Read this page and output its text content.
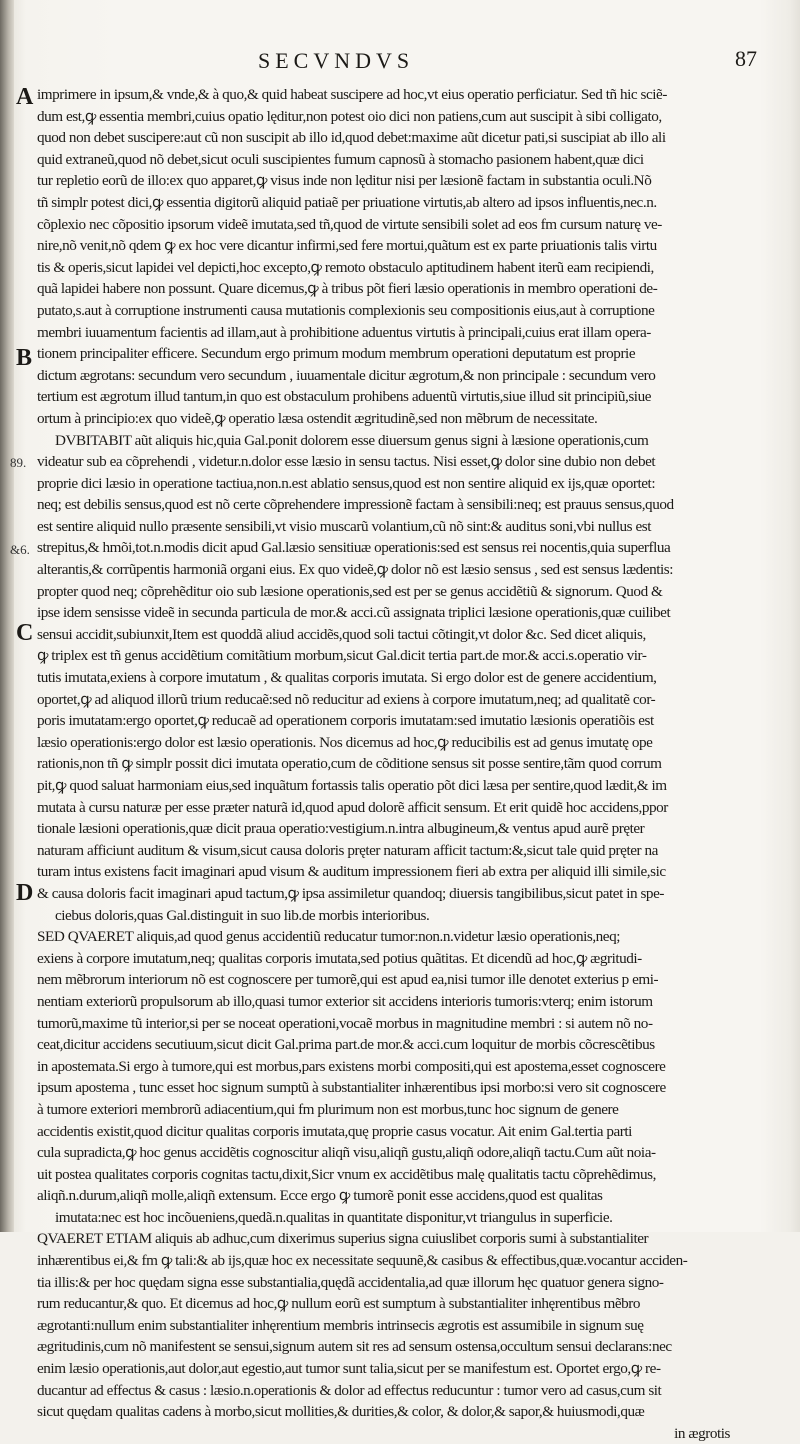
SECVNDVS	87
A
B
C
D
89.
&6.
imprimere in ipsum,& vnde,& à quo,& quid habeat suscipere ad hoc,vt eius operatio perficiatur. Sed tñ hic sciẽ-
dum est,ꝙ essentia membri,cuius opatio lęditur,non potest oio dici non patiens,cum aut suscipit à sibi colligato,
quod non debet suscipere:aut cũ non suscipit ab illo id,quod debet:maxime aũt dicetur pati,si suscipiat ab illo ali
quid extraneũ,quod nõ debet,sicut oculi suscipientes fumum capnosũ à stomacho pasionem habent,quæ dici
tur repletio eorũ de illo:ex quo apparet,ꝙ visus inde non lęditur nisi per læsionẽ factam in substantia oculi.Nõ
tñ simplr potest dici,ꝙ essentia digitorũ aliquid patiaẽ per priuatione virtutis,ab altero ad ipsos influentis,nec.n.
cõplexio nec cõpositio ipsorum videẽ imutata,sed tñ,quod de virtute sensibili solet ad eos fm cursum naturę ve-
nire,nõ venit,nõ qdem ꝙ ex hoc vere dicantur infirmi,sed fere mortui,quãtum est ex parte priuationis talis virtu
tis & operis,sicut lapidei vel depicti,hoc excepto,ꝙ remoto obstaculo aptitudinem habent iterũ eam recipiendi,
quã lapidei habere non possunt. Quare dicemus,ꝙ à tribus põt fieri læsio operationis in membro operationi de-
putato,s.aut à corruptione instrumenti causa mutationis complexionis seu compositionis eius,aut à corruptione
membri iuuamentum facientis ad illam,aut à prohibitione aduentus virtutis à principali,cuius erat illam opera-
tionem principaliter efficere. Secundum ergo primum modum membrum operationi deputatum est proprie
dictum ægrotans: secundum vero secundum , iuuamentale dicitur ægrotum,& non principale : secundum vero
tertium est ægrotum illud tantum,in quo est obstaculum prohibens aduentũ virtutis,siue illud sit principiũ,siue
ortum à principio:ex quo videẽ,ꝙ operatio læsa ostendit ægritudinẽ,sed non mẽbrum de necessitate.
DVBITABIT aũt aliquis hic,quia Gal.ponit dolorem esse diuersum genus signi à læsione operationis,cum
videatur sub ea cõprehendi , videtur.n.dolor esse læsio in sensu tactus. Nisi esset,ꝙ dolor sine dubio non debet
proprie dici læsio in operatione tactiua,non.n.est ablatio sensus,quod est non sentire aliquid ex ijs,quæ oportet:
neq; est debilis sensus,quod est nõ certe cõprehendere impressionẽ factam à sensibili:neq; est prauus sensus,quod
est sentire aliquid nullo præsente sensibili,vt visio muscarũ volantium,cũ nõ sint:& auditus soni,vbi nullus est
strepitus,& hmõi,tot.n.modis dicit apud Gal.læsio sensitiuæ operationis:sed est sensus rei nocentis,quia superflua
alterantis,& corrũpentis harmoniã organi eius. Ex quo videẽ,ꝙ dolor nõ est læsio sensus , sed est sensus lædentis:
propter quod neq; cõprehẽditur oio sub læsione operationis,sed est per se genus accidẽtiũ & signorum. Quod &
ipse idem sensisse videẽ in secunda particula de mor.& acci.cũ assignata triplici læsione operationis,quæ cuilibet
sensui accidit,subiunxit,Item est quoddã aliud accidẽs,quod soli tactui cõtingit,vt dolor &c. Sed dicet aliquis,
ꝙ triplex est tñ genus accidẽtium comitãtium morbum,sicut Gal.dicit tertia part.de mor.& acci.s.operatio vir-
tutis imutata,exiens à corpore imutatum , & qualitas corporis imutata. Si ergo dolor est de genere accidentium,
oportet,ꝙ ad aliquod illorũ trium reducaẽ:sed nõ reducitur ad exiens à corpore imutatum,neq; ad qualitatẽ cor-
poris imutatam:ergo oportet,ꝙ reducaẽ ad operationem corporis imutatam:sed imutatio læsionis operatiõis est
læsio operationis:ergo dolor est læsio operationis. Nos dicemus ad hoc,ꝙ reducibilis est ad genus imutatę ope
rationis,non tñ ꝙ simplr possit dici imutata operatio,cum de cõditione sensus sit posse sentire,tãm quod corrum
pit,ꝙ quod saluat harmoniam eius,sed inquãtum fortassis talis operatio põt dici læsa per sentire,quod lædit,& im
mutata à cursu naturæ per esse præter naturã id,quod apud dolorẽ afficit sensum. Et erit quidẽ hoc accidens,ppor
tionale læsioni operationis,quæ dicit praua operatio:vestigium.n.intra albugineum,& ventus apud aurẽ pręter
naturam afficiunt auditum & visum,sicut causa doloris pręter naturam afficit tactum:&,sicut tale quid pręter na
turam intus existens facit imaginari apud visum & auditum impressionem fieri ab extra per aliquid illi simile,sic
& causa doloris facit imaginari apud tactum,ꝙ ipsa assimiletur quandoq; diuersis tangibilibus,sicut patet in spe-
ciebus doloris,quas Gal.distinguit in suo lib.de morbis interioribus.
SED QVAERET aliquis,ad quod genus accidentiũ reducatur tumor:non.n.videtur læsio operationis,neq;
exiens à corpore imutatum,neq; qualitas corporis imutata,sed potius quãtitas. Et dicendũ ad hoc,ꝙ ægritudi-
nem mẽbrorum interiorum nõ est cognoscere per tumorẽ,qui est apud ea,nisi tumor ille denotet exterius p emi-
nentiam exteriorũ propulsorum ab illo,quasi tumor exterior sit accidens interioris tumoris:vterq; enim istorum
tumorũ,maxime tũ interior,si per se noceat operationi,vocaẽ morbus in magnitudine membri : si autem nõ no-
ceat,dicitur accidens secutiuum,sicut dicit Gal.prima part.de mor.& acci.cum loquitur de morbis cõcrescẽtibus
in apostemata.Si ergo à tumore,qui est morbus,pars existens morbi compositi,qui est apostema,esset cognoscere
ipsum apostema , tunc esset hoc signum sumptũ à substantialiter inhærentibus ipsi morbo:si vero sit cognoscere
à tumore exteriori membrorũ adiacentium,qui fm plurimum non est morbus,tunc hoc signum de genere
accidentis existit,quod dicitur qualitas corporis imutata,quę proprie casus vocatur. Ait enim Gal.tertia parti
cula supradicta,ꝙ hoc genus accidẽtis cognoscitur aliqñ visu,aliqñ gustu,aliqñ odore,aliqñ tactu.Cum aũt noia-
uit postea qualitates corporis cognitas tactu,dixit,Sicr vnum ex accidẽtibus malę qualitatis tactu cõprehẽdimus,
aliqñ.n.durum,aliqñ molle,aliqñ extensum. Ecce ergo ꝙ tumorẽ ponit esse accidens,quod est qualitas
imutata:nec est hoc incõueniens,quedã.n.qualitas in quantitate disponitur,vt triangulus in superficie.
QVAERET ETIAM aliquis ab adhuc,cum dixerimus superius signa cuiuslibet corporis sumi à substantialiter
inhærentibus ei,& fm ꝙ tali:& ab ijs,quæ hoc ex necessitate sequunẽ,& casibus & effectibus,quæ.vocantur acciden-
tia illis:& per hoc quędam signa esse substantialia,quędã accidentalia,ad quæ illorum hęc quatuor genera signo-
rum reducantur,& quo. Et dicemus ad hoc,ꝙ nullum eorũ est sumptum à substantialiter inhęrentibus mẽbro
ægrotanti:nullum enim substantialiter inhęrentium membris intrinsecis ægrotis est assumibile in signum suę
ægritudinis,cum nõ manifestent se sensui,signum autem sit res ad sensum ostensa,occultum sensui declarans:nec
enim læsio operationis,aut dolor,aut egestio,aut tumor sunt talia,sicut per se manifestum est. Oportet ergo,ꝙ re-
ducantur ad effectus & casus : læsio.n.operationis & dolor ad effectus reducuntur : tumor vero ad casus,cum sit
sicut quędam qualitas cadens à morbo,sicut mollities,& durities,& color, & dolor,& sapor,& huiusmodi,quæ
in ægrotis
